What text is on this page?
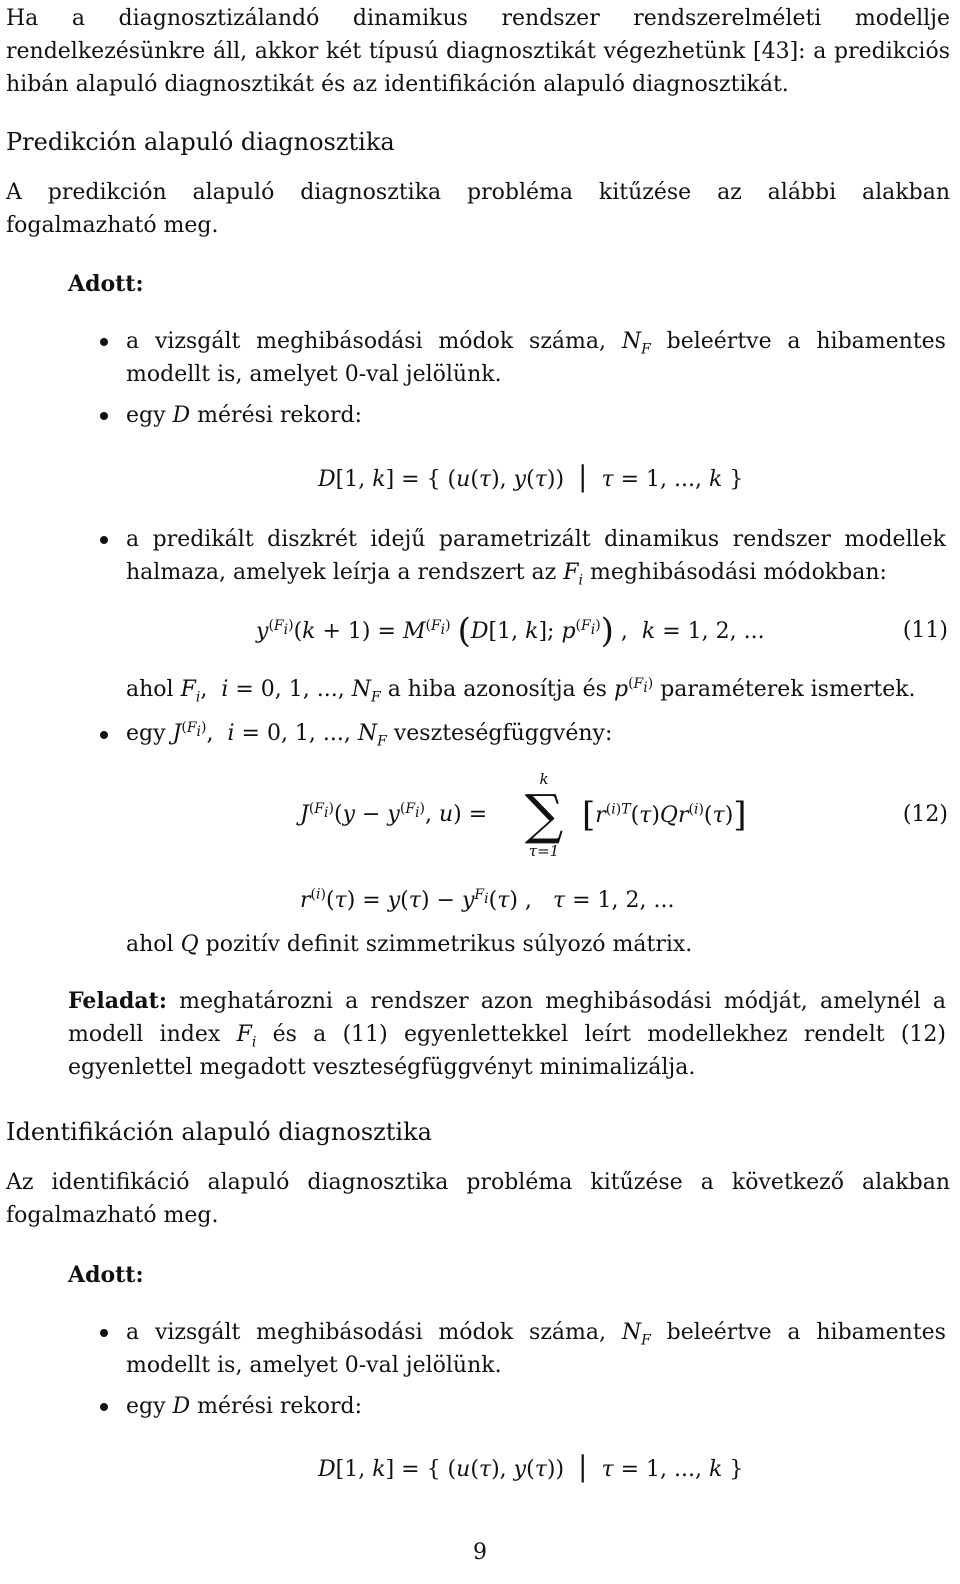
Ha a diagnosztizálandó dinamikus rendszer rendszerelméleti modellje rendelkezésünkre áll, akkor két típusú diagnosztikát végezhetünk [43]: a predikciós hibán alapuló diagnosztikát és az identifikáción alapuló diagnosztikát.
Predikción alapuló diagnosztika
A predikción alapuló diagnosztika probléma kitűzése az alábbi alakban fogalmazható meg.
Adott:
a vizsgált meghibásodási módok száma, $N_F$ beleértve a hibamentes modellt is, amelyet 0-val jelölünk.
egy D mérési rekord:
D[1, k] = { (u(τ), y(τ))  | τ = 1, ..., k }
a predikált diszkrét idejű parametrizált dinamikus rendszer modellek halmaza, amelyek leírja a rendszert az $F_i$ meghibásodási módokban:
$y^{(F_i)}(k + 1) = M^{(F_i)}$ (D[1, k]; $p^{(F_i)}$) ,  k = 1, 2, ...	(11)
ahol $F_i$,  i = 0, 1, ..., $N_F$ a hiba azonosítja és $p^{(F_i)}$ paraméterek ismertek.
egy $J^{(F_i)}$,  i = 0, 1, ..., $N_F$ veszteségfüggvény:
$J^{(F_i)}(y - y^{(F_i)}$, u) =
k
∑
τ=1
$[r^{(i)T}(\tau)Qr^{(i)}(\tau)]$	(12)
$r^{(i)}(\tau) = y(\tau) - y^{F_i}(\tau)$ ,   τ = 1, 2, ...
ahol Q pozitív definit szimmetrikus súlyozó mátrix.
Feladat: meghatározni a rendszer azon meghibásodási módját, amelynél a modell index $F_i$ és a (11) egyenlettekkel leírt modellekhez rendelt (12) egyenlettel megadott veszteségfüggvényt minimalizálja.
Identifikáción alapuló diagnosztika
Az identifikáció alapuló diagnosztika probléma kitűzése a következő alakban fogalmazható meg.
Adott:
a vizsgált meghibásodási módok száma, $N_F$ beleértve a hibamentes modellt is, amelyet 0-val jelölünk.
egy D mérési rekord:
D[1, k] = { (u(τ), y(τ))  | τ = 1, ..., k }
9
